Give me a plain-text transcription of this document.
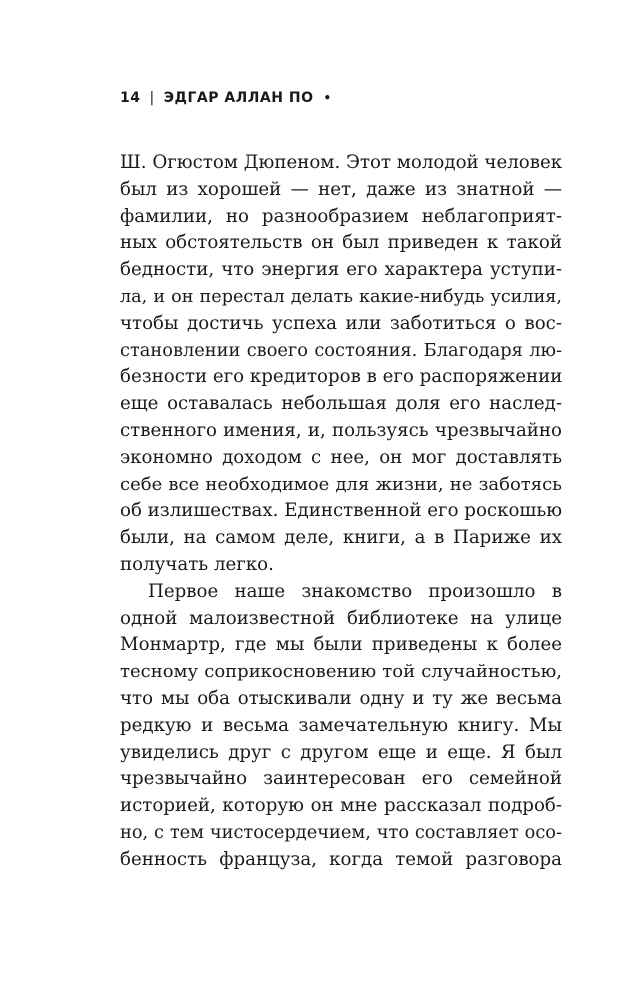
14 | ЭДГАР АЛЛАН ПО •
Ш. Огюстом Дюпеном. Этот молодой человек
был из хорошей — нет, даже из знатной —
фамилии, но разнообразием неблагоприят-
ных обстоятельств он был приведен к такой
бедности, что энергия его характера уступи-
ла, и он перестал делать какие-нибудь усилия,
чтобы достичь успеха или заботиться о вос-
становлении своего состояния. Благодаря лю-
безности его кредиторов в его распоряжении
еще оставалась небольшая доля его наслед-
ственного имения, и, пользуясь чрезвычайно
экономно доходом с нее, он мог доставлять
себе все необходимое для жизни, не заботясь
об излишествах. Единственной его роскошью
были, на самом деле, книги, а в Париже их
получать легко.
Первое наше знакомство произошло в
одной малоизвестной библиотеке на улице
Монмартр, где мы были приведены к более
тесному соприкосновению той случайностью,
что мы оба отыскивали одну и ту же весьма
редкую и весьма замечательную книгу. Мы
увиделись друг с другом еще и еще. Я был
чрезвычайно заинтересован его семейной
историей, которую он мне рассказал подроб-
но, с тем чистосердечием, что составляет осо-
бенность француза, когда темой разговора
